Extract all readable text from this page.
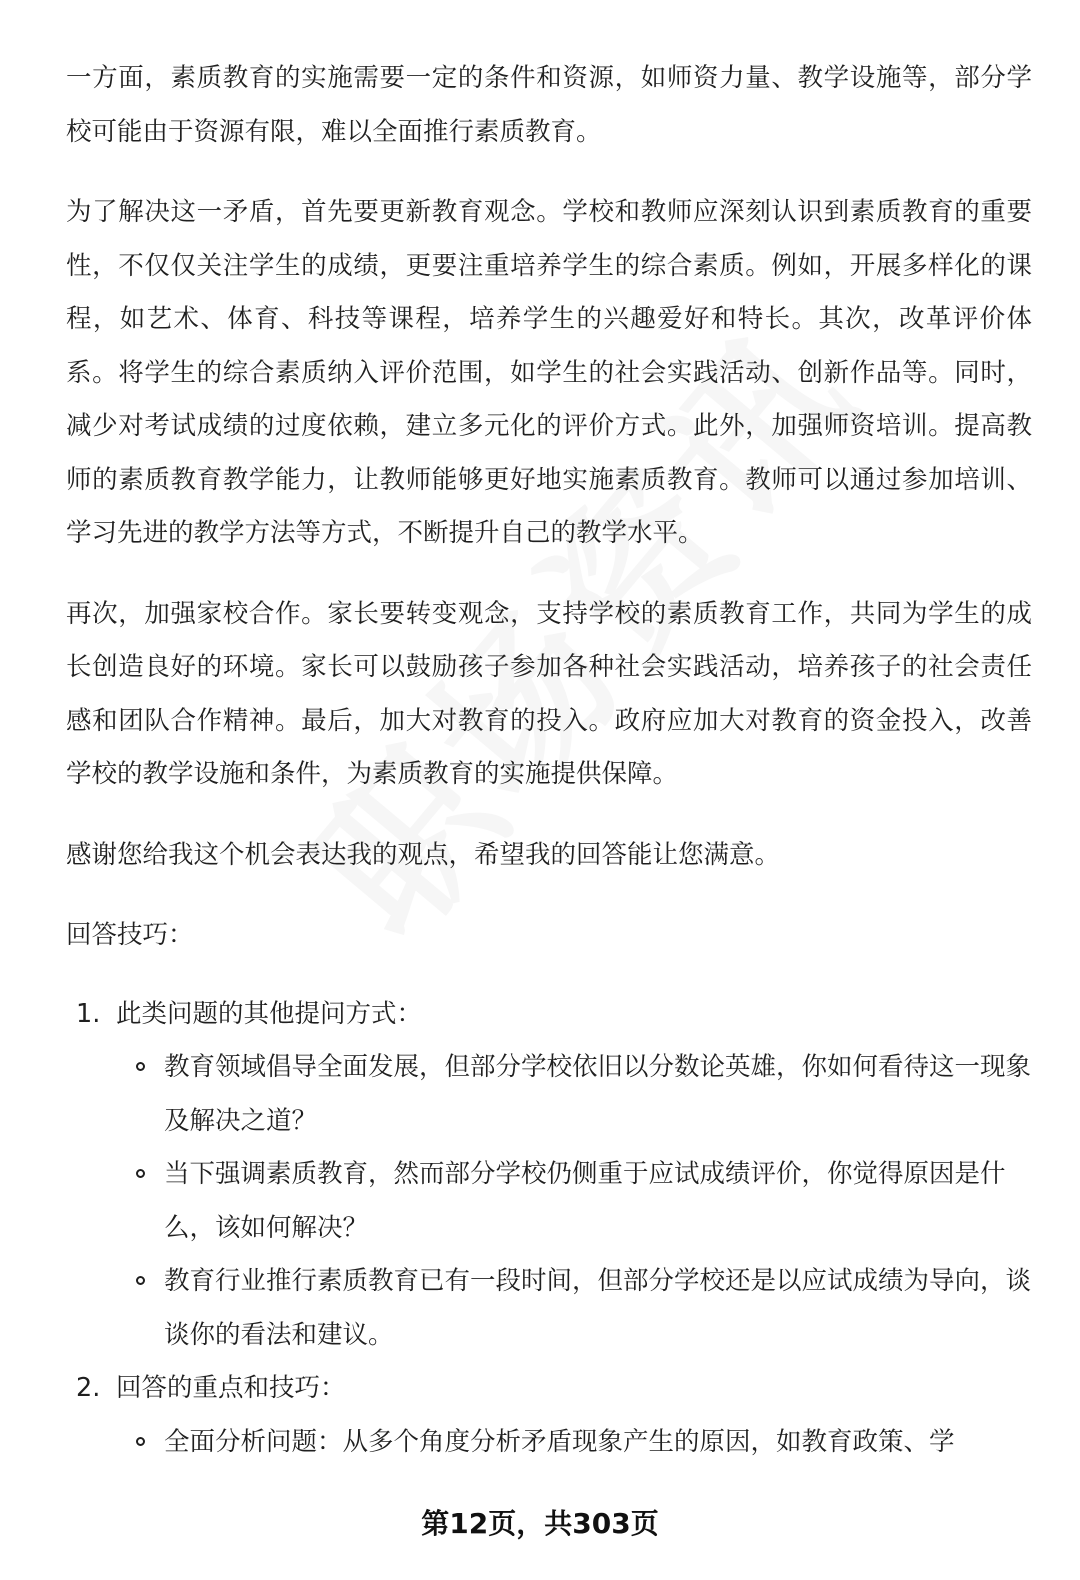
一方面，素质教育的实施需要一定的条件和资源，如师资力量、教学设施等，部分学校可能由于资源有限，难以全面推行素质教育。

为了解决这一矛盾，首先要更新教育观念。学校和教师应深刻认识到素质教育的重要性，不仅仅关注学生的成绩，更要注重培养学生的综合素质。例如，开展多样化的课程，如艺术、体育、科技等课程，培养学生的兴趣爱好和特长。其次，改革评价体系。将学生的综合素质纳入评价范围，如学生的社会实践活动、创新作品等。同时，减少对考试成绩的过度依赖，建立多元化的评价方式。此外，加强师资培训。提高教师的素质教育教学能力，让教师能够更好地实施素质教育。教师可以通过参加培训、学习先进的教学方法等方式，不断提升自己的教学水平。

再次，加强家校合作。家长要转变观念，支持学校的素质教育工作，共同为学生的成长创造良好的环境。家长可以鼓励孩子参加各种社会实践活动，培养孩子的社会责任感和团队合作精神。最后，加大对教育的投入。政府应加大对教育的资金投入，改善学校的教学设施和条件，为素质教育的实施提供保障。

感谢您给我这个机会表达我的观点，希望我的回答能让您满意。

回答技巧：

1. 此类问题的其他提问方式：
教育领域倡导全面发展，但部分学校依旧以分数论英雄，你如何看待这一现象及解决之道？
当下强调素质教育，然而部分学校仍侧重于应试成绩评价，你觉得原因是什么，该如何解决？
教育行业推行素质教育已有一段时间，但部分学校还是以应试成绩为导向，谈谈你的看法和建议。
2. 回答的重点和技巧：
全面分析问题：从多个角度分析矛盾现象产生的原因，如教育政策、学
第12页，共303页
